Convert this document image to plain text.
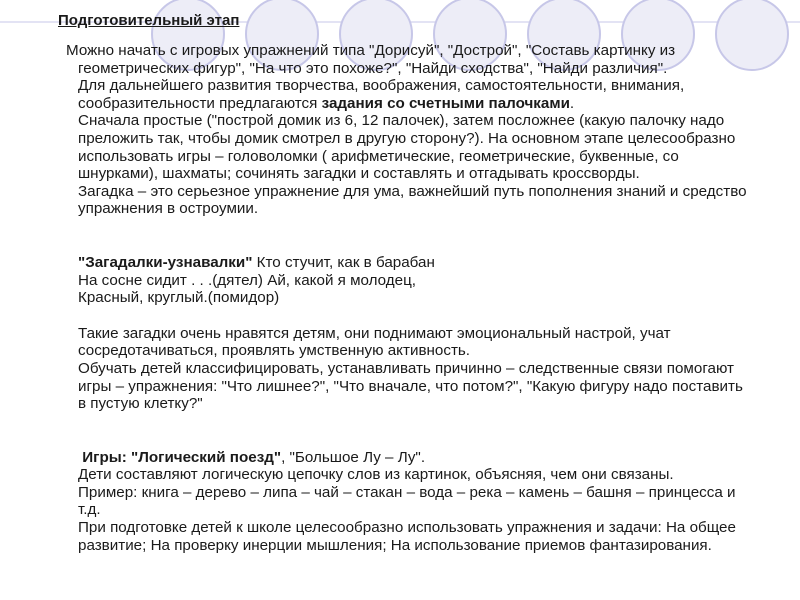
Подготовительный этап

Можно начать с игровых упражнений типа "Дорисуй", "Дострой", "Составь картинку из геометрических фигур", "На что это похоже?", "Найди сходства", "Найди различия".

Для дальнейшего развития творчества, воображения, самостоятельности, внимания, сообразительности предлагаются задания со счетными палочками.

Сначала простые ("построй домик из 6, 12 палочек), затем посложнее (какую палочку надо преложить так, чтобы домик смотрел в другую сторону?). На основном этапе целесообразно использовать игры – головоломки ( арифметические, геометрические, буквенные, со шнурками), шахматы; сочинять загадки и составлять и отгадывать кроссворды.

Загадка – это серьезное упражнение для ума, важнейший путь пополнения знаний и средство упражнения в остроумии.

"Загадалки-узнавалки" Кто стучит, как в барабан

На сосне сидит . . .(дятел) Ай, какой я молодец,

Красный, круглый.(помидор)

Такие загадки очень нравятся детям, они поднимают эмоциональный настрой, учат сосредотачиваться, проявлять умственную активность.

Обучать детей классифицировать, устанавливать причинно – следственные связи помогают игры – упражнения: "Что лишнее?", "Что вначале, что потом?", "Какую фигуру надо поставить в пустую клетку?"

Игры: "Логический поезд", "Большое Лу – Лу".

Дети составляют логическую цепочку слов из картинок, объясняя, чем они связаны.

Пример: книга – дерево – липа – чай – стакан – вода – река – камень – башня – принцесса и т.д.

При подготовке детей к школе целесообразно использовать упражнения и задачи: На общее развитие; На проверку инерции мышления; На использование приемов фантазирования.
